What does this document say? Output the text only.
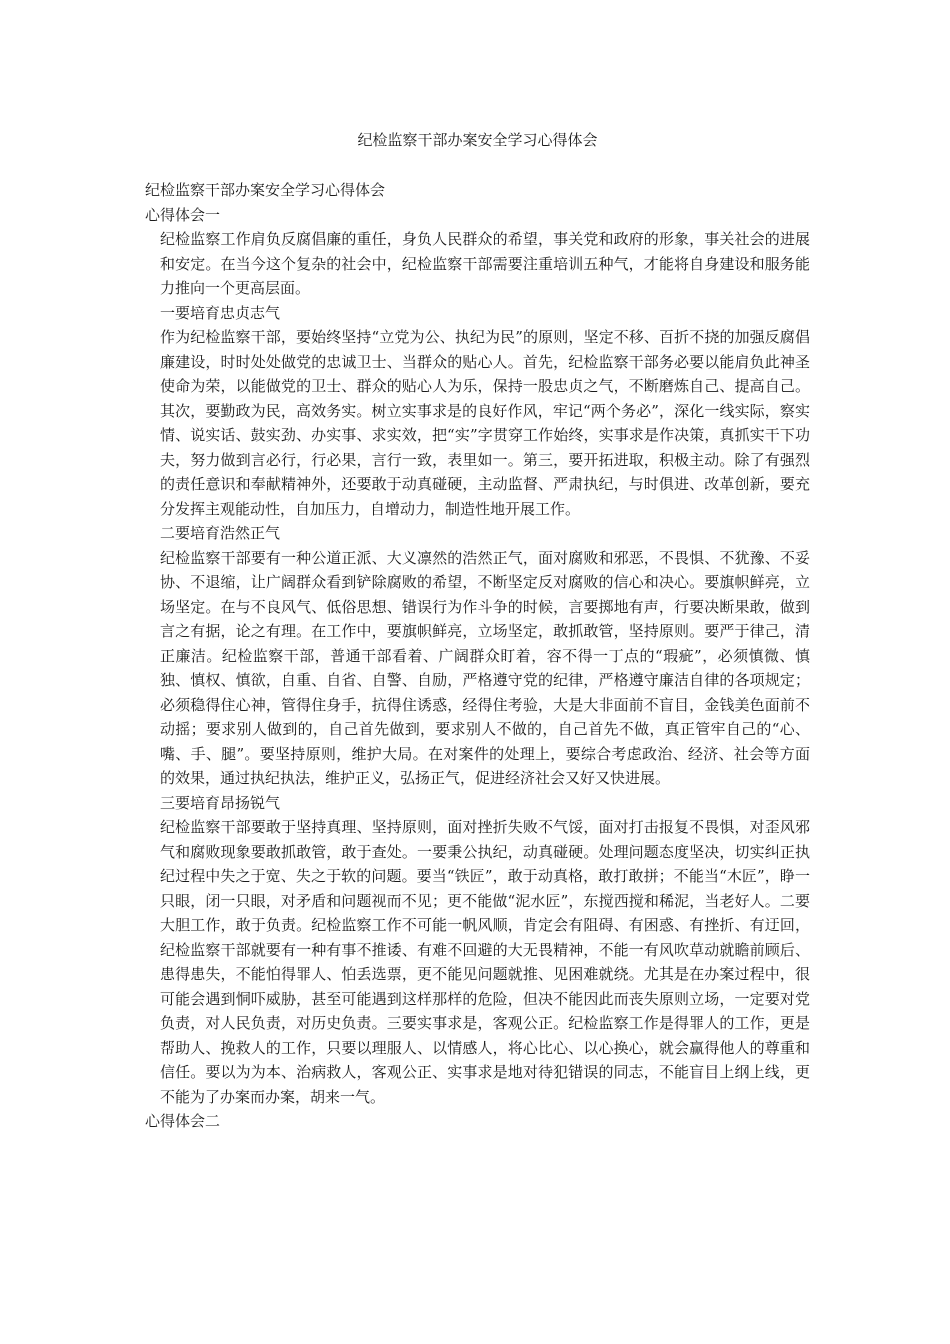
纪检监察干部办案安全学习心得体会

纪检监察干部办案安全学习心得体会

心得体会一

纪检监察工作肩负反腐倡廉的重任，身负人民群众的希望，事关党和政府的形象，事关社会的进展和安定。在当今这个复杂的社会中，纪检监察干部需要注重培训五种气，才能将自身建设和服务能力推向一个更高层面。

一要培育忠贞志气

作为纪检监察干部，要始终坚持“立党为公、执纪为民”的原则，坚定不移、百折不挠的加强反腐倡廉建设，时时处处做党的忠诚卫士、当群众的贴心人。首先，纪检监察干部务必要以能肩负此神圣使命为荣，以能做党的卫士、群众的贴心人为乐，保持一股忠贞之气，不断磨炼自己、提高自己。其次，要勤政为民，高效务实。树立实事求是的良好作风，牢记“两个务必”，深化一线实际，察实情、说实话、鼓实劲、办实事、求实效，把“实”字贯穿工作始终，实事求是作决策，真抓实干下功夫，努力做到言必行，行必果，言行一致，表里如一。第三，要开拓进取，积极主动。除了有强烈的责任意识和奉献精神外，还要敢于动真碰硬，主动监督、严肃执纪，与时俱进、改革创新，要充分发挥主观能动性，自加压力，自增动力，制造性地开展工作。

二要培育浩然正气

纪检监察干部要有一种公道正派、大义凛然的浩然正气，面对腐败和邪恶，不畏惧、不犹豫、不妥协、不退缩，让广阔群众看到铲除腐败的希望，不断坚定反对腐败的信心和决心。要旗帜鲜亮，立场坚定。在与不良风气、低俗思想、错误行为作斗争的时候，言要掷地有声，行要决断果敢，做到言之有据，论之有理。在工作中，要旗帜鲜亮，立场坚定，敢抓敢管，坚持原则。要严于律己，清正廉洁。纪检监察干部，普通干部看着、广阔群众盯着，容不得一丁点的“瑕疵”，必须慎微、慎独、慎权、慎欲，自重、自省、自警、自励，严格遵守党的纪律，严格遵守廉洁自律的各项规定；必须稳得住心神，管得住身手，抗得住诱惑，经得住考验，大是大非面前不盲目，金钱美色面前不动摇；要求别人做到的，自己首先做到，要求别人不做的，自己首先不做，真正管牢自己的“心、嘴、手、腿”。要坚持原则，维护大局。在对案件的处理上，要综合考虑政治、经济、社会等方面的效果，通过执纪执法，维护正义，弘扬正气，促进经济社会又好又快进展。

三要培育昂扬锐气

纪检监察干部要敢于坚持真理、坚持原则，面对挫折失败不气馁，面对打击报复不畏惧，对歪风邪气和腐败现象要敢抓敢管，敢于查处。一要秉公执纪，动真碰硬。处理问题态度坚决，切实纠正执纪过程中失之于宽、失之于软的问题。要当“铁匠”，敢于动真格，敢打敢拼；不能当“木匠”，睁一只眼，闭一只眼，对矛盾和问题视而不见；更不能做“泥水匠”，东搅西搅和稀泥，当老好人。二要大胆工作，敢于负责。纪检监察工作不可能一帆风顺，肯定会有阻碍、有困惑、有挫折、有迂回，纪检监察干部就要有一种有事不推诿、有难不回避的大无畏精神，不能一有风吹草动就瞻前顾后、患得患失，不能怕得罪人、怕丢选票，更不能见问题就推、见困难就绕。尤其是在办案过程中，很可能会遇到恫吓威胁，甚至可能遇到这样那样的危险，但决不能因此而丧失原则立场，一定要对党负责，对人民负责，对历史负责。三要实事求是，客观公正。纪检监察工作是得罪人的工作，更是帮助人、挽救人的工作，只要以理服人、以情感人，将心比心、以心换心，就会赢得他人的尊重和信任。要以为为本、治病救人，客观公正、实事求是地对待犯错误的同志，不能盲目上纲上线，更不能为了办案而办案，胡来一气。

心得体会二
